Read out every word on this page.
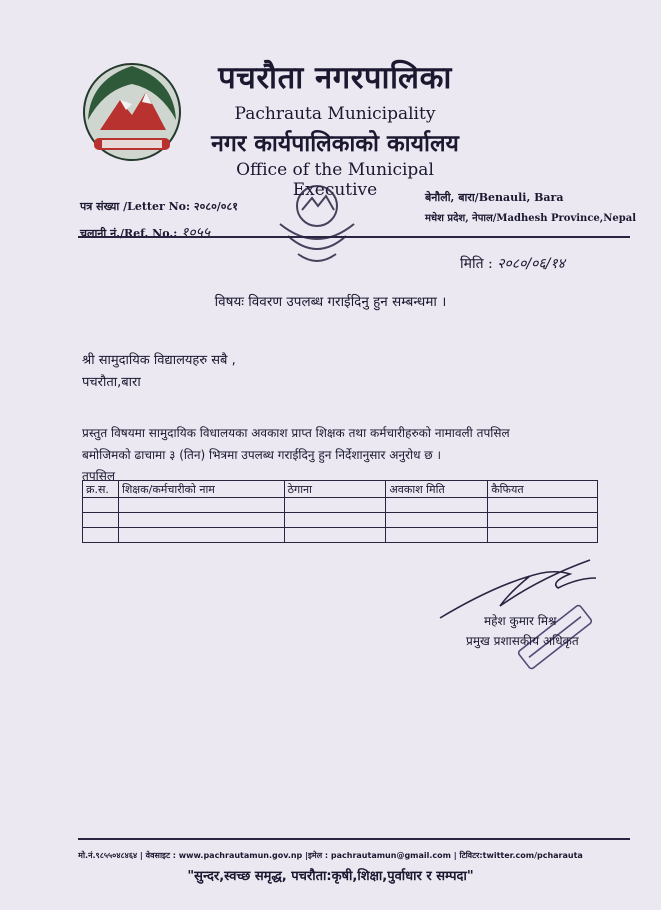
पचरौता नगरपालिका
Pachrauta Municipality
नगर कार्यपालिकाको कार्यालय
Office of the Municipal Executive
पत्र संख्या /Letter No: २०८०/०८१
चलानी नं./Ref. No.: १०५५
बेनौली, बारा/Benauli, Bara
मधेश प्रदेश, नेपाल/Madhesh Province,Nepal
मिति : २०८०/०६/१४
विषयः विवरण उपलब्ध गराईदिनु हुन सम्बन्धमा ।
श्री सामुदायिक विद्यालयहरु सबै ,
पचरौता,बारा
प्रस्तुत विषयमा सामुदायिक विधालयका अवकाश प्राप्त शिक्षक तथा कर्मचारीहरुको नामावली तपसिल
बमोजिमको ढाचामा ३ (तिन) भित्रमा उपलब्ध गराईदिनु हुन निर्देशानुसार अनुरोध छ ।
तपसिल
क्र.स.	शिक्षक/कर्मचारीको नाम	ठेगाना	अवकाश मिति	कैफियत

महेश कुमार मिश्र
प्रमुख प्रशासकीय अधिकृत
मो.नं.९८५५०४८४६४ | वेवसाइट : www.pachrautamun.gov.np |इमेल : pachrautamun@gmail.com | टिविटर:twitter.com/pcharauta
"सुन्दर,स्वच्छ समृद्ध, पचरौता:कृषी,शिक्षा,पुर्वाधार र सम्पदा"
